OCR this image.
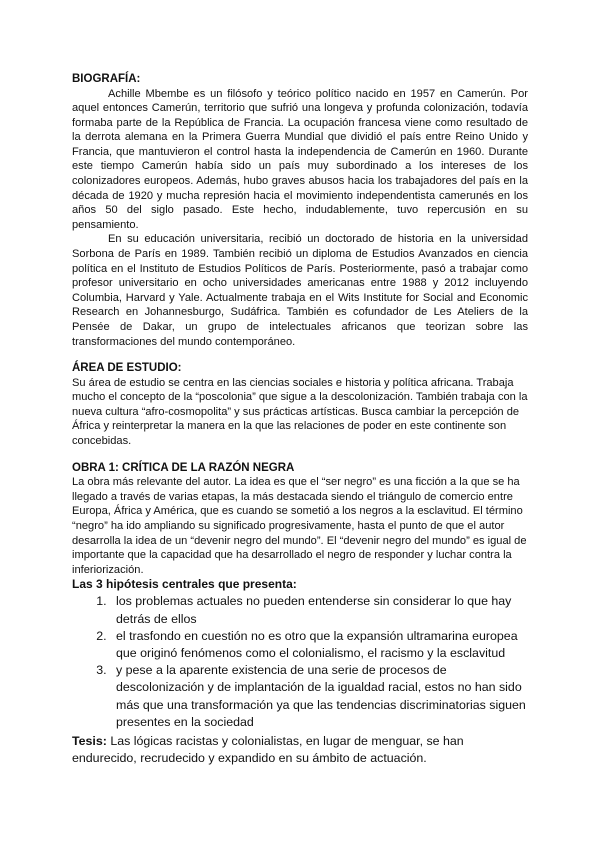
BIOGRAFÍA:

Achille Mbembe es un filósofo y teórico político nacido en 1957 en Camerún. Por aquel entonces Camerún, territorio que sufrió una longeva y profunda colonización, todavía formaba parte de la República de Francia. La ocupación francesa viene como resultado de la derrota alemana en la Primera Guerra Mundial que dividió el país entre Reino Unido y Francia, que mantuvieron el control hasta la independencia de Camerún en 1960. Durante este tiempo Camerún había sido un país muy subordinado a los intereses de los colonizadores europeos. Además, hubo graves abusos hacia los trabajadores del país en la década de 1920 y mucha represión hacia el movimiento independentista camerunés en los años 50 del siglo pasado. Este hecho, indudablemente, tuvo repercusión en su pensamiento.

En su educación universitaria, recibió un doctorado de historia en la universidad Sorbona de París en 1989. También recibió un diploma de Estudios Avanzados en ciencia política en el Instituto de Estudios Políticos de París. Posteriormente, pasó a trabajar como profesor universitario en ocho universidades americanas entre 1988 y 2012 incluyendo Columbia, Harvard y Yale. Actualmente trabaja en el Wits Institute for Social and Economic Research en Johannesburgo, Sudáfrica. También es cofundador de Les Ateliers de la Pensée de Dakar, un grupo de intelectuales africanos que teorizan sobre las transformaciones del mundo contemporáneo.

ÁREA DE ESTUDIO:

Su área de estudio se centra en las ciencias sociales e historia y política africana. Trabaja mucho el concepto de la “poscolonia” que sigue a la descolonización. También trabaja con la nueva cultura “afro-cosmopolita” y sus prácticas artísticas. Busca cambiar la percepción de África y reinterpretar la manera en la que las relaciones de poder en este continente son concebidas.

OBRA 1: CRÍTICA DE LA RAZÓN NEGRA

La obra más relevante del autor. La idea es que el “ser negro” es una ficción a la que se ha llegado a través de varias etapas, la más destacada siendo el triángulo de comercio entre Europa, África y América, que es cuando se sometió a los negros a la esclavitud. El término “negro” ha ido ampliando su significado progresivamente, hasta el punto de que el autor desarrolla la idea de un “devenir negro del mundo”. El “devenir negro del mundo” es igual de importante que la capacidad que ha desarrollado el negro de responder y luchar contra la inferiorización.

Las 3 hipótesis centrales que presenta:
1. los problemas actuales no pueden entenderse sin considerar lo que hay detrás de ellos
2. el trasfondo en cuestión no es otro que la expansión ultramarina europea que originó fenómenos como el colonialismo, el racismo y la esclavitud
3. y pese a la aparente existencia de una serie de procesos de descolonización y de implantación de la igualdad racial, estos no han sido más que una transformación ya que las tendencias discriminatorias siguen presentes en la sociedad
Tesis: Las lógicas racistas y colonialistas, en lugar de menguar, se han endurecido, recrudecido y expandido en su ámbito de actuación.
